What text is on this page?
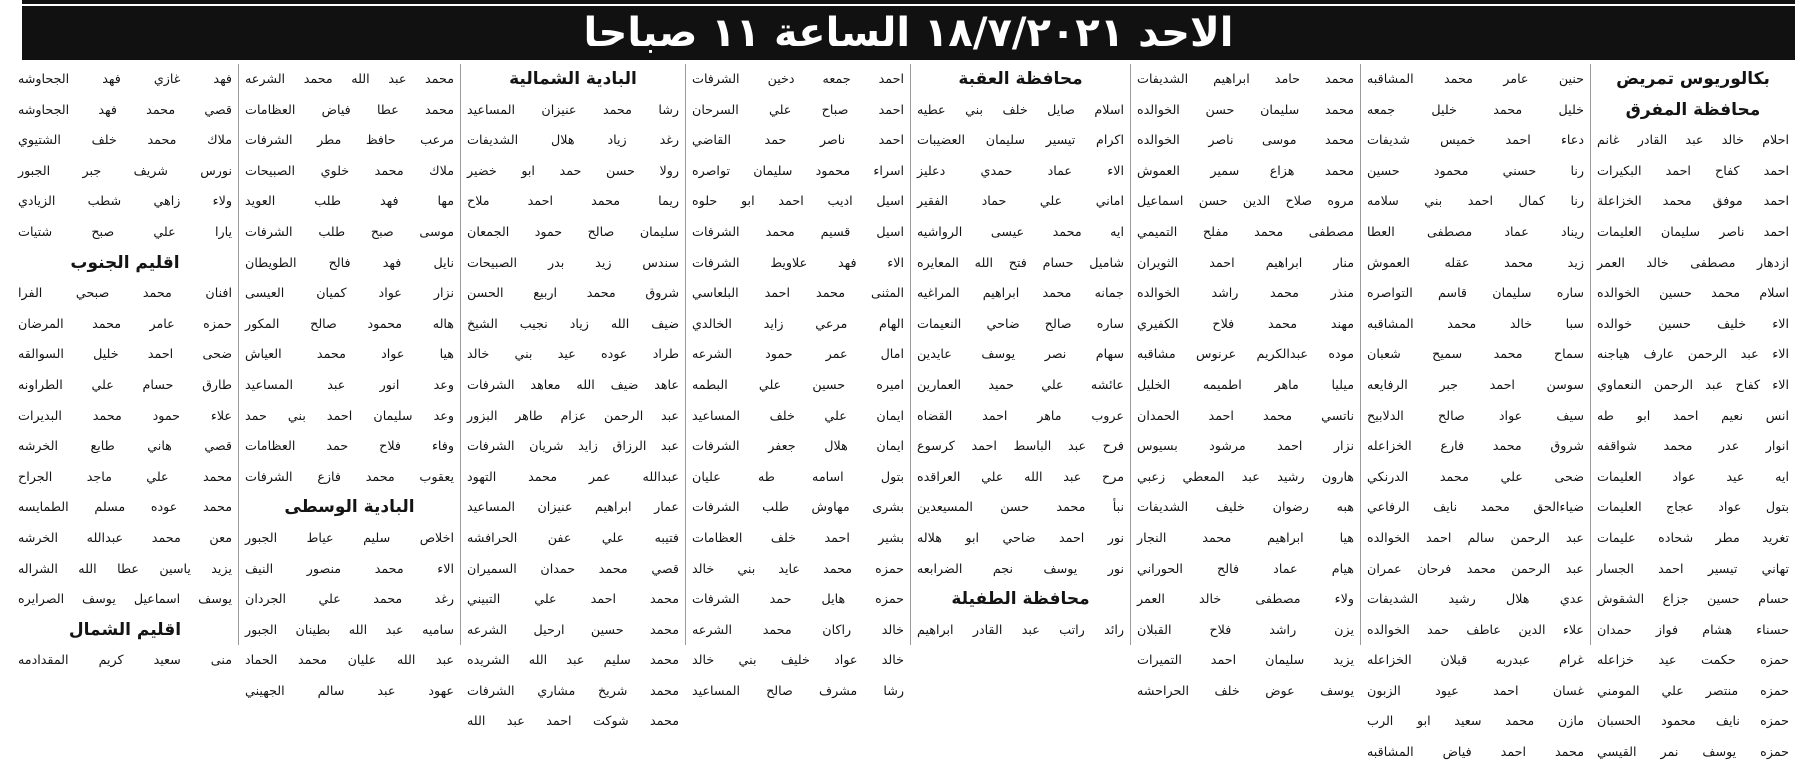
الاحد ١٨/٧/٢٠٢١ الساعة ١١ صباحا
بكالوريوس تمريض
محافظة المفرق
احلام خالد عبد القادر غانم
احمد كفاح احمد البكيرات
احمد موفق محمد الخزاعلة
احمد ناصر سليمان العليمات
ازدهار مصطفى خالد العمر
اسلام محمد حسين الخوالده
الاء خليف حسين خوالده
الاء عبد الرحمن عارف هياجنه
الاء كفاح عبد الرحمن النعماوي
انس نعيم احمد ابو طه
انوار عدر محمد شواقفه
ايه عيد عواد العليمات
بتول عواد عجاج العليمات
تغريد مطر شحاده عليمات
تهاني تيسير احمد الجسار
حسام حسين جزاع الشقوش
حسناء هشام فواز حمدان
حمزه حكمت عيد خزاعله
حمزه منتصر علي المومني
حمزه نايف محمود الحسبان
حمزه يوسف نمر القيسي
حنين عامر محمد المشاقبه
خليل محمد خليل جمعه
دعاء احمد خميس شديفات
رنا حسني محمود حسين
رنا كمال احمد بني سلامه
ريناد عماد مصطفى العطا
زيد محمد عقله العموش
ساره سليمان قاسم التواصره
سبا خالد محمد المشاقبه
سماح محمد سميح شعبان
سوسن احمد جبر الرفايعه
سيف عواد صالح الدلابيح
شروق محمد فارع الخزاعله
ضحى علي محمد الدرنكي
ضياءالحق محمد نايف الرفاعي
عبد الرحمن سالم احمد الخوالده
عبد الرحمن محمد فرحان عمران
عدي هلال رشيد الشديفات
علاء الدين عاطف حمد الخوالده
غرام عبدربه قبلان الخزاعله
غسان احمد عيود الزبون
مازن محمد سعيد ابو الرب
محمد احمد فياض المشاقبه
محمد حامد ابراهيم الشديفات
محمد سليمان حسن الخوالده
محمد موسى ناصر الخوالده
محمد هزاع سمير العموش
مروه صلاح الدين حسن اسماعيل
مصطفى محمد مفلح التميمي
منار ابراهيم احمد الثويران
منذر محمد راشد الخوالده
مهند محمد فلاح الكفيري
موده عبدالكريم عرنوس مشاقبه
ميليا ماهر اطميمه الخليل
ناتسي محمد احمد الحمدان
نزار احمد مرشود بسيوس
هارون رشيد عبد المعطي زعبي
هبه رضوان خليف الشديفات
هيا ابراهيم محمد النجار
هيام عماد فالح الحوراني
ولاء مصطفى خالد العمر
يزن راشد فلاح القبلان
يزيد سليمان احمد التميرات
يوسف عوض خلف الحراحشه
محافظة العقبة
اسلام صايل خلف بني عطيه
اكرام تيسير سليمان العضيبات
الاء عماد حمدي دعليز
اماني علي حماد الفقير
ايه محمد عيسى الرواشيه
شاميل حسام فتح الله المعايره
جمانه محمد ابراهيم المراغيه
ساره صالح ضاحي النعيمات
سهام نصر يوسف عايدين
عائشه علي حميد العمارين
عروب ماهر احمد القضاه
فرح عبد الباسط احمد كرسوع
مرح عبد الله علي العراقده
نبأ محمد حسن المسيعدين
نور احمد ضاحي ابو هلاله
نور يوسف نجم الضرابعه
محافظة الطفيلة
رائد راتب عبد القادر ابراهيم
احمد جمعه دخين الشرفات
احمد صباح علي السرحان
احمد ناصر حمد القاضي
اسراء محمود سليمان تواصره
اسيل اديب احمد ابو حلوه
اسيل قسيم محمد الشرفات
الاء فهد علاويط الشرفات
المثنى محمد احمد البلعاسي
الهام مرعي زايد الخالدي
امال عمر حمود الشرعه
اميره حسين علي البطمه
ايمان علي خلف المساعيد
ايمان هلال جعفر الشرفات
بتول اسامه طه عليان
بشرى مهاوش طلب الشرفات
بشير احمد خلف العظامات
حمزه محمد عايد بني خالد
حمزه هايل حمد الشرفات
خالد راكان محمد الشرعه
خالد عواد خليف بني خالد
رشا مشرف صالح المساعيد
البادية الشمالية
رشا محمد عنيزان المساعيد
رغد زياد هلال الشديفات
رولا حسن حمد ابو خضير
ريما محمد احمد ملاح
سليمان صالح حمود الجمعان
سندس زيد بدر الصبيحات
شروق محمد اربيع الحسن
ضيف الله زياد نجيب الشيخ
طراد عوده عيد بني خالد
عاهد ضيف الله معاهد الشرفات
عبد الرحمن عزام طاهر البزور
عبد الرزاق زايد شريان الشرفات
عبدالله عمر محمد التهود
عمار ابراهيم عنيزان المساعيد
فتيبه علي عفن الحرافشه
قصي محمد حمدان السميران
محمد احمد علي التبيني
محمد حسين ارحيل الشرعه
محمد سليم عبد الله الشريده
محمد شريخ مشاري الشرفات
محمد شوكت احمد عبد الله
محمد عبد الله محمد الشرعه
محمد عطا فياض العظامات
مرعب حافظ مطر الشرفات
ملاك محمد خلوي الصبيحات
مها فهد طلب العويد
موسى صبح طلب الشرفات
نايل فهد فالح الطويطان
نزار عواد كميان العيسى
هاله محمود صالح المكور
هيا عواد محمد العياش
وعد انور عبد المساعيد
وعد سليمان احمد بني حمد
وفاء فلاح حمد العظامات
يعقوب محمد فازع الشرفات
البادية الوسطى
اخلاص سليم عياط الجبور
الاء محمد منصور النيف
رغد محمد علي الجردان
ساميه عبد الله بطينان الجبور
عبد الله عليان محمد الحماد
عهود عبد سالم الجهيني
فهد غازي فهد الجحاوشه
قصي محمد فهد الجحاوشه
ملاك محمد خلف الشتيوي
نورس شريف جبر الجبور
ولاء زاهي شطب الزيادي
يارا علي صبح شتيات
اقليم الجنوب
افنان محمد صبحي الفرا
حمزه عامر محمد المرضان
ضحى احمد خليل السوالقه
طارق حسام علي الطراونه
علاء حمود محمد البديرات
قصي هاني طايع الخرشه
محمد علي ماجد الجراح
محمد عوده مسلم الطمايسه
معن محمد عبدالله الخرشه
يزيد ياسين عطا الله الشراله
يوسف اسماعيل يوسف الصرايره
اقليم الشمال
منى سعيد كريم المقدادمه
